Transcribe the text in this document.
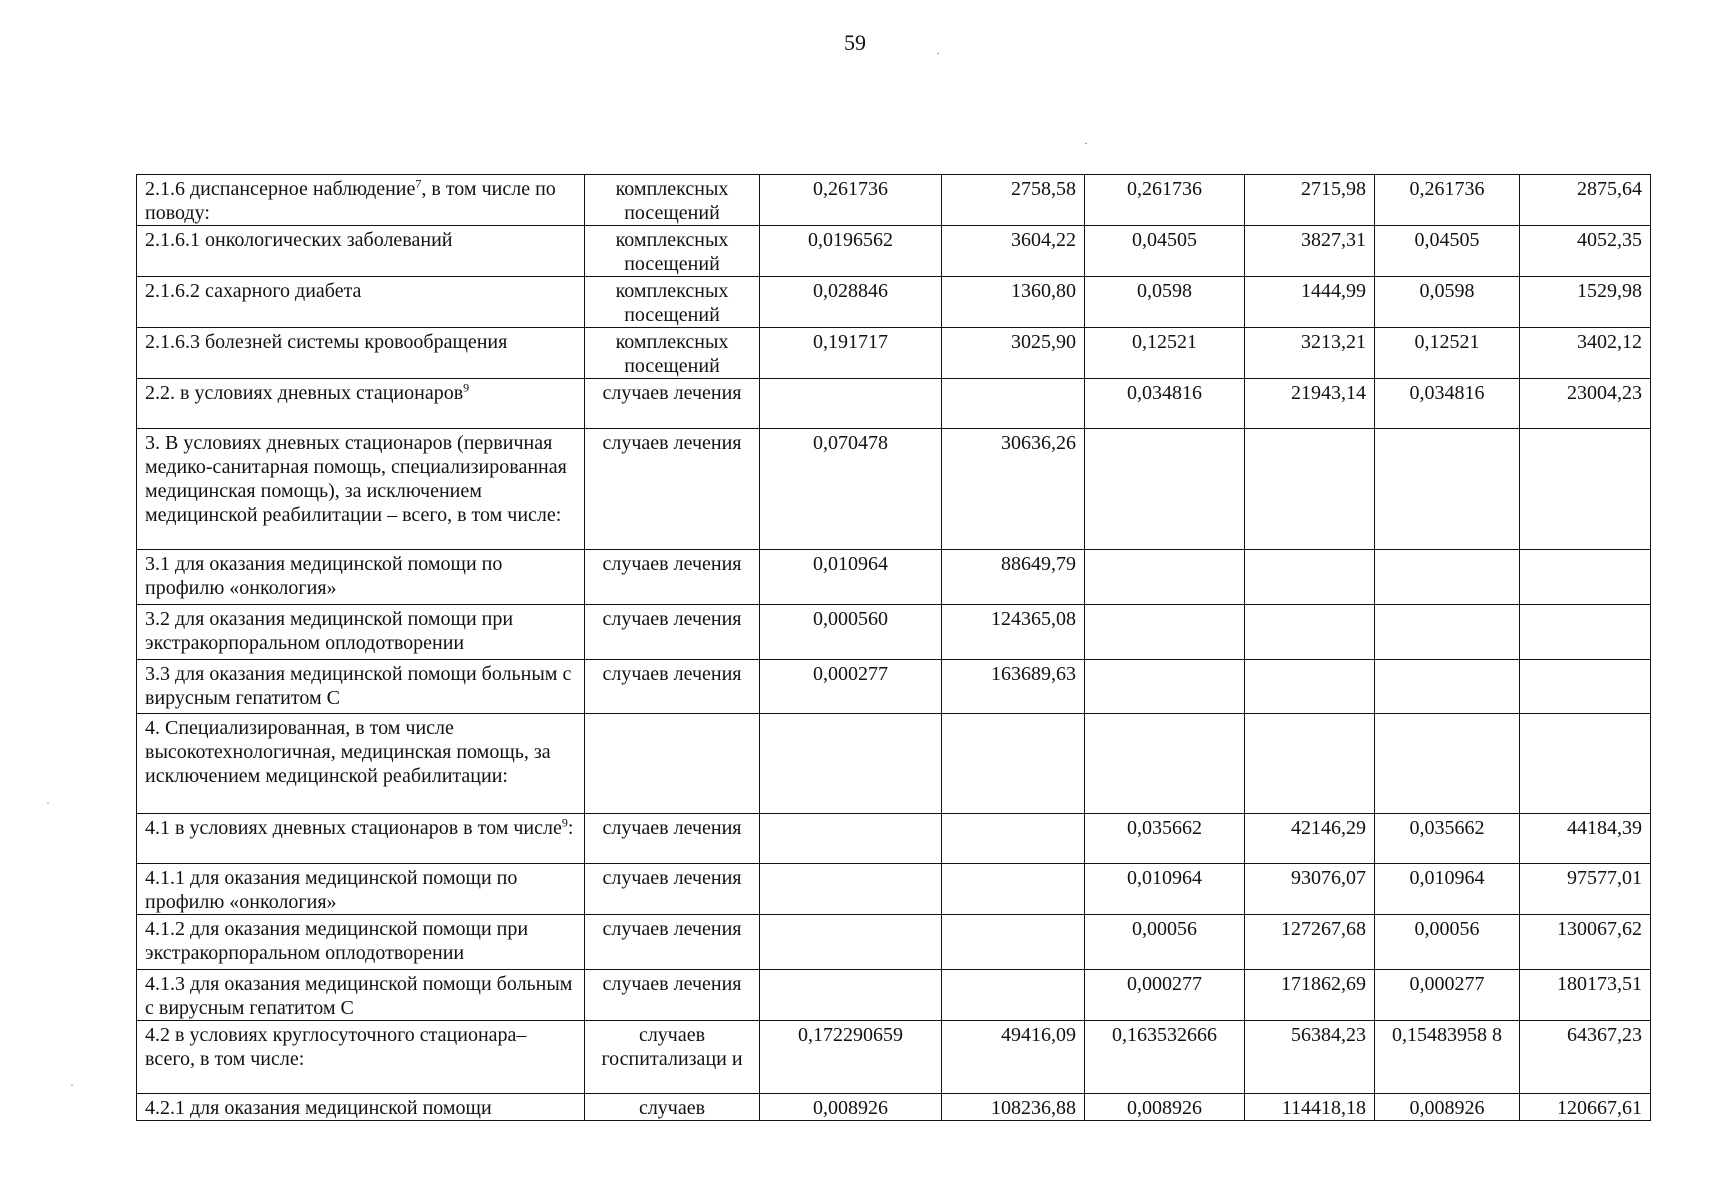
59
2.1.6 диспансерное наблюдение$^7$, в том числе по поводу:	комплексных посещений	0,261736	2758,58	0,261736	2715,98	0,261736	2875,64
2.1.6.1 онкологических заболеваний	комплексных посещений	0,0196562	3604,22	0,04505	3827,31	0,04505	4052,35
2.1.6.2 сахарного диабета	комплексных посещений	0,028846	1360,80	0,0598	1444,99	0,0598	1529,98
2.1.6.3 болезней системы кровообращения	комплексных посещений	0,191717	3025,90	0,12521	3213,21	0,12521	3402,12
2.2. в условиях дневных стационаров$^9$	случаев лечения			0,034816	21943,14	0,034816	23004,23
3. В условиях дневных стационаров (первичная медико-санитарная помощь, специализированная медицинская помощь), за исключением медицинской реабилитации – всего, в том числе:	случаев лечения	0,070478	30636,26				
3.1 для оказания медицинской помощи по профилю «онкология»	случаев лечения	0,010964	88649,79				
3.2 для оказания медицинской помощи при экстракорпоральном оплодотворении	случаев лечения	0,000560	124365,08				
3.3 для оказания медицинской помощи больным с вирусным гепатитом С	случаев лечения	0,000277	163689,63				
4. Специализированная, в том числе высокотехнологичная, медицинская помощь, за исключением медицинской реабилитации:							
4.1 в условиях дневных стационаров в том числе$^9$:	случаев лечения			0,035662	42146,29	0,035662	44184,39
4.1.1 для оказания медицинской помощи по профилю «онкология»	случаев лечения			0,010964	93076,07	0,010964	97577,01
4.1.2 для оказания медицинской помощи при экстракорпоральном оплодотворении	случаев лечения			0,00056	127267,68	0,00056	130067,62
4.1.3 для оказания медицинской помощи больным с вирусным гепатитом С	случаев лечения			0,000277	171862,69	0,000277	180173,51
4.2 в условиях круглосуточного стационара– всего, в том числе:	случаев госпитализаци и	0,172290659	49416,09	0,163532666	56384,23	0,15483958 8	64367,23
4.2.1 для оказания медицинской помощи	случаев	0,008926	108236,88	0,008926	114418,18	0,008926	120667,61
·
·
·
·
